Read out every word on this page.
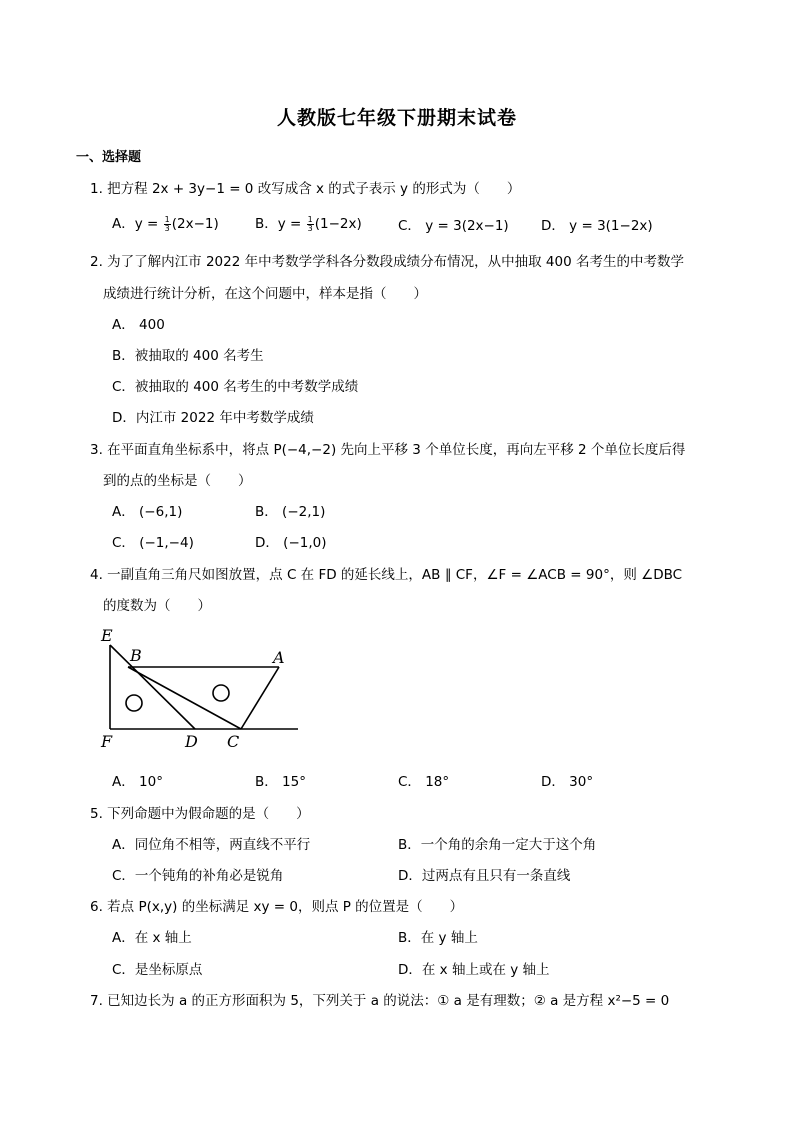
人教版七年级下册期末试卷
一、选择题
1. 把方程 2x + 3y−1 = 0 改写成含 x 的式子表示 y 的形式为（　　）
A．$y = \frac{1}{3} (2x-1)$	B．$y = \frac{1}{3} (1-2x)$	C． y = 3(2x−1) D． y = 3(1−2x)
2. 为了了解内江市 2022 年中考数学学科各分数段成绩分布情况，从中抽取 400 名考生的中考数学
成绩进行统计分析，在这个问题中，样本是指（　　）
A． 400
B．被抽取的 400 名考生
C．被抽取的 400 名考生的中考数学成绩
D．内江市 2022 年中考数学成绩
3. 在平面直角坐标系中，将点 P(−4,−2) 先向上平移 3 个单位长度，再向左平移 2 个单位长度后得
到的点的坐标是（　　）
A． (−6,1)	B． (−2,1)
C． (−1,−4)	D． (−1,0)
4. 一副直角三角尺如图放置，点 C 在 FD 的延长线上，AB ∥ CF，∠F = ∠ACB = 90°，则 ∠DBC
的度数为（　　）
E
B	A
F	D C
A． 10°	B． 15°	C． 18°	D． 30°
5. 下列命题中为假命题的是（　　）
A．同位角不相等，两直线不平行	B．一个角的余角一定大于这个角
C．一个钝角的补角必是锐角	D．过两点有且只有一条直线
6. 若点 P(x,y) 的坐标满足 xy = 0，则点 P 的位置是（　　）
A．在 x 轴上	B．在 y 轴上
C．是坐标原点	D．在 x 轴上或在 y 轴上
7. 已知边长为 a 的正方形面积为 5，下列关于 a 的说法：① a 是有理数；② a 是方程 x²−5 = 0
